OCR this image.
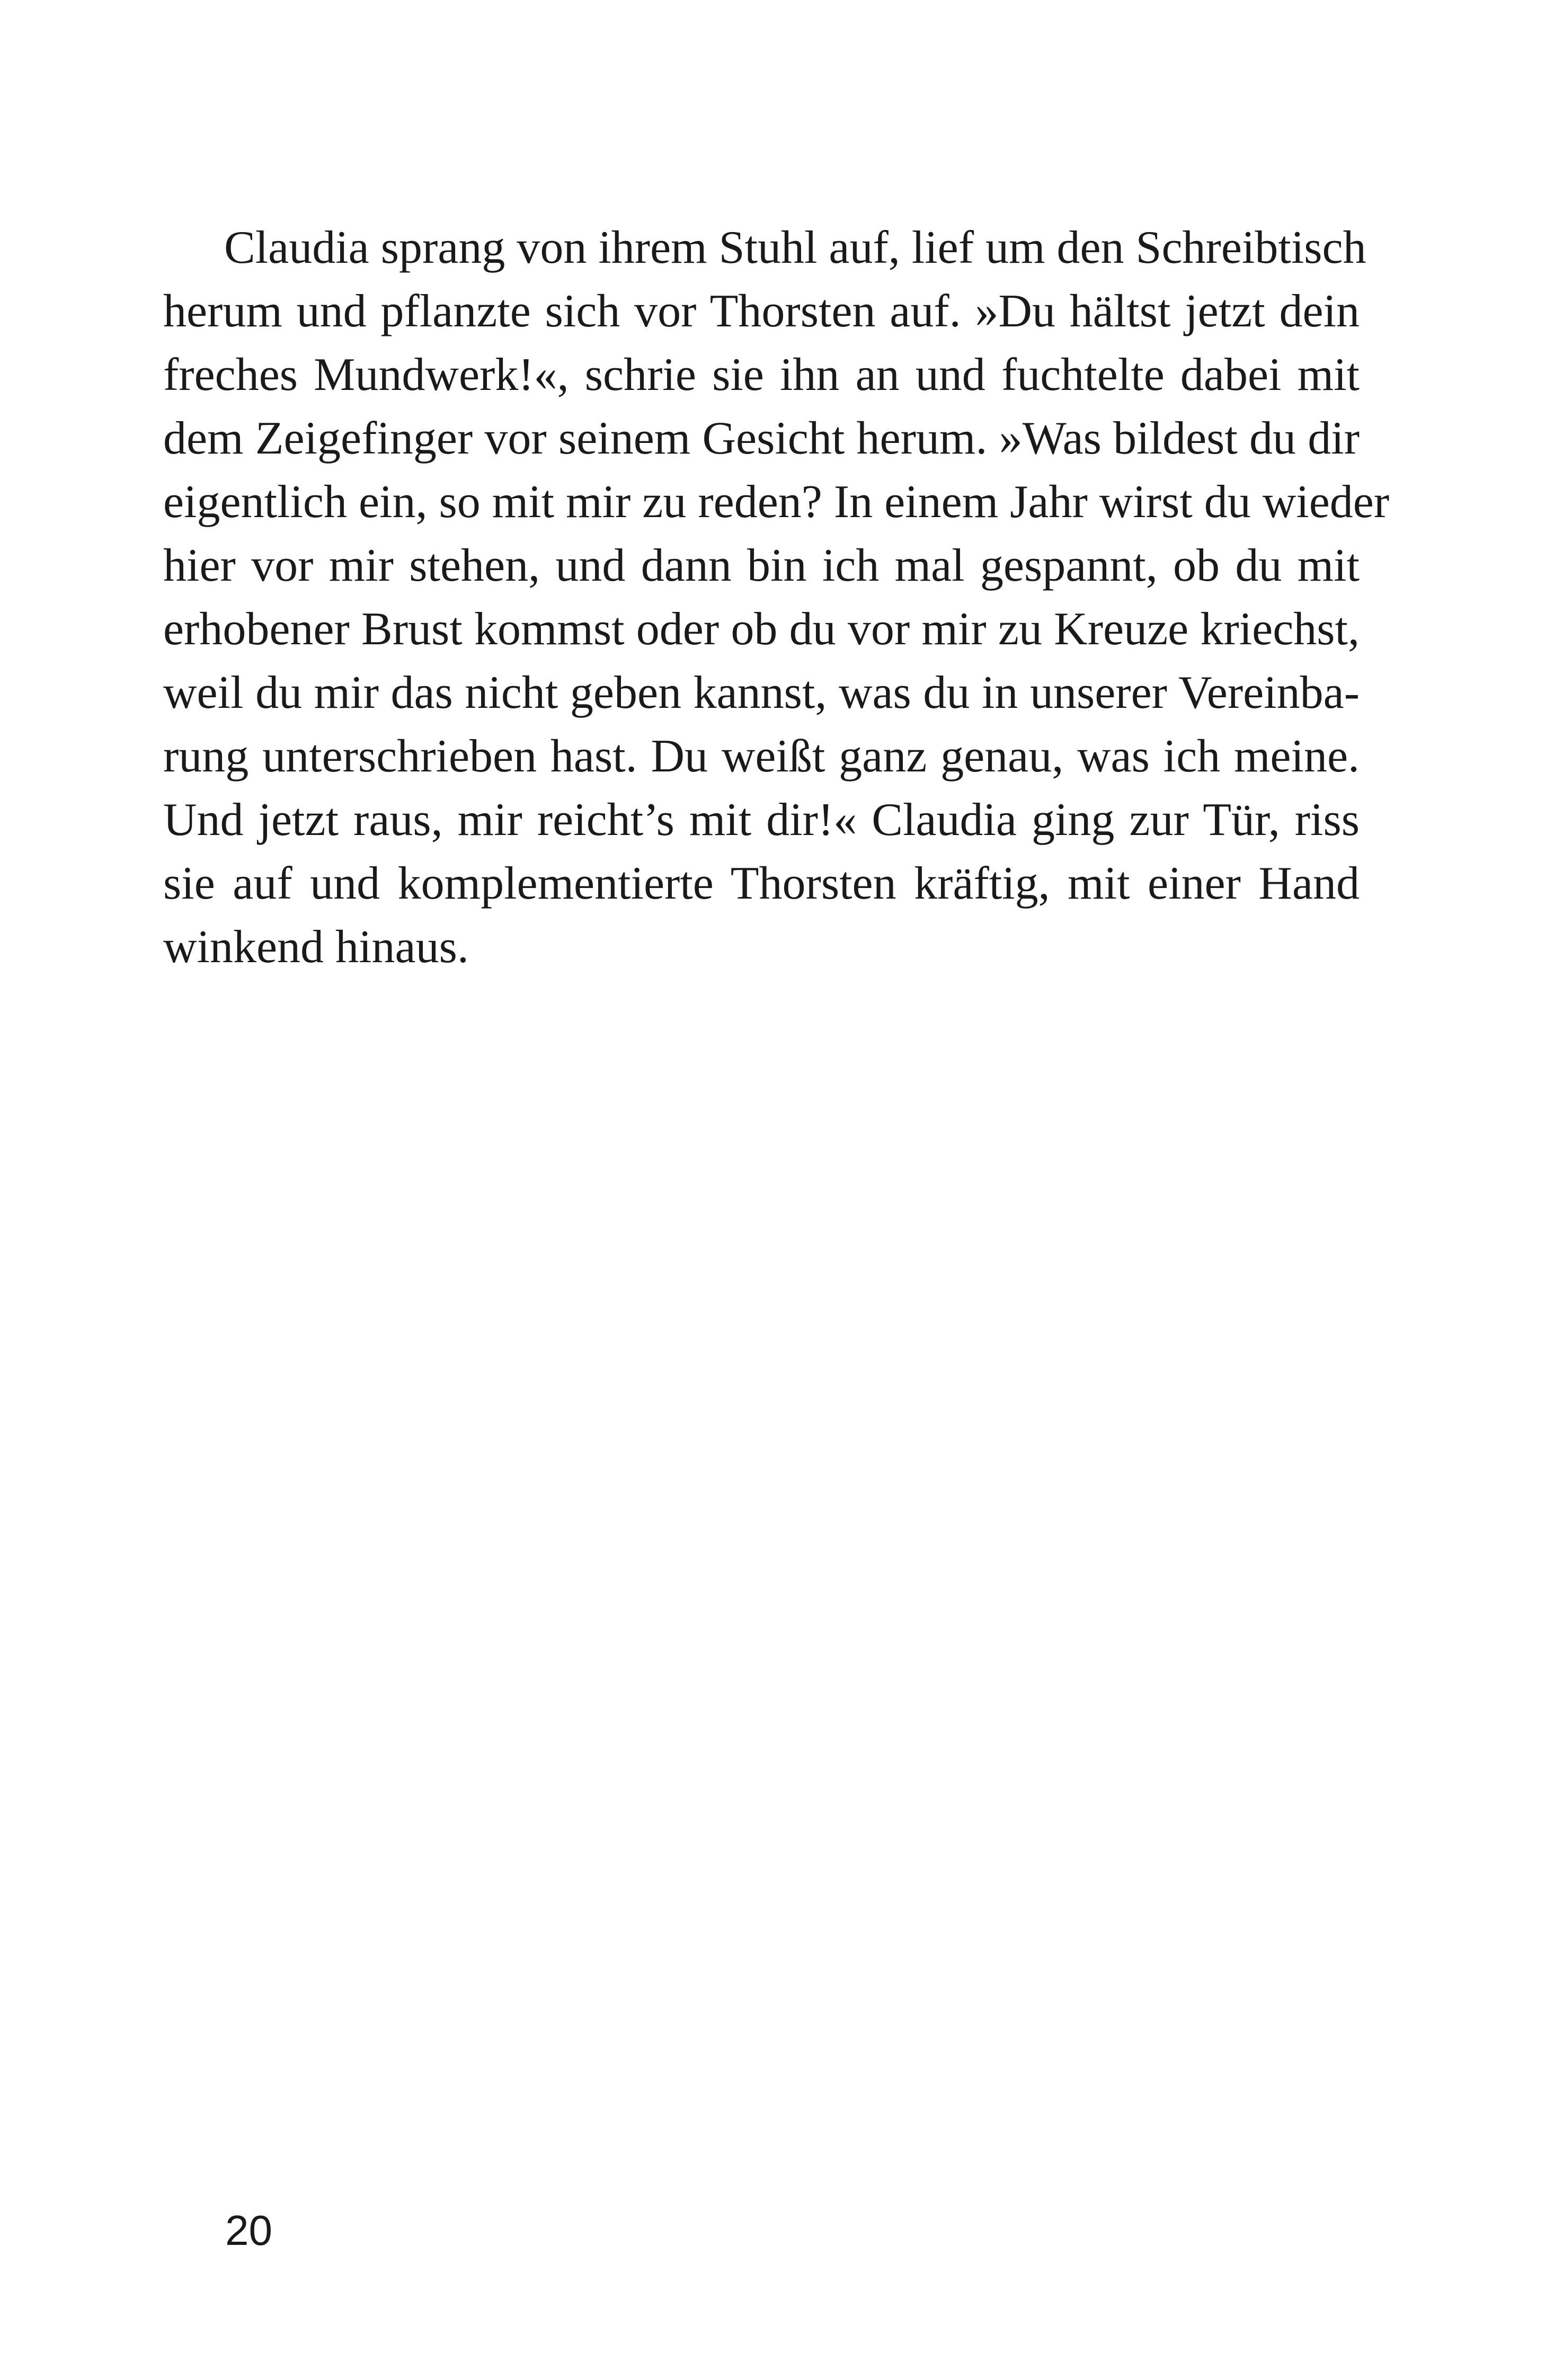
Claudia sprang von ihrem Stuhl auf, lief um den Schreibtisch
herum und pflanzte sich vor Thorsten auf. »Du hältst jetzt dein
freches Mundwerk!«, schrie sie ihn an und fuchtelte dabei mit
dem Zeigefinger vor seinem Gesicht herum. »Was bildest du dir
eigentlich ein, so mit mir zu reden? In einem Jahr wirst du wieder
hier vor mir stehen, und dann bin ich mal gespannt, ob du mit
erhobener Brust kommst oder ob du vor mir zu Kreuze kriechst,
weil du mir das nicht geben kannst, was du in unserer Vereinba-
rung unterschrieben hast. Du weißt ganz genau, was ich meine.
Und jetzt raus, mir reicht’s mit dir!« Claudia ging zur Tür, riss
sie auf und komplementierte Thorsten kräftig, mit einer Hand
winkend hinaus.
20
